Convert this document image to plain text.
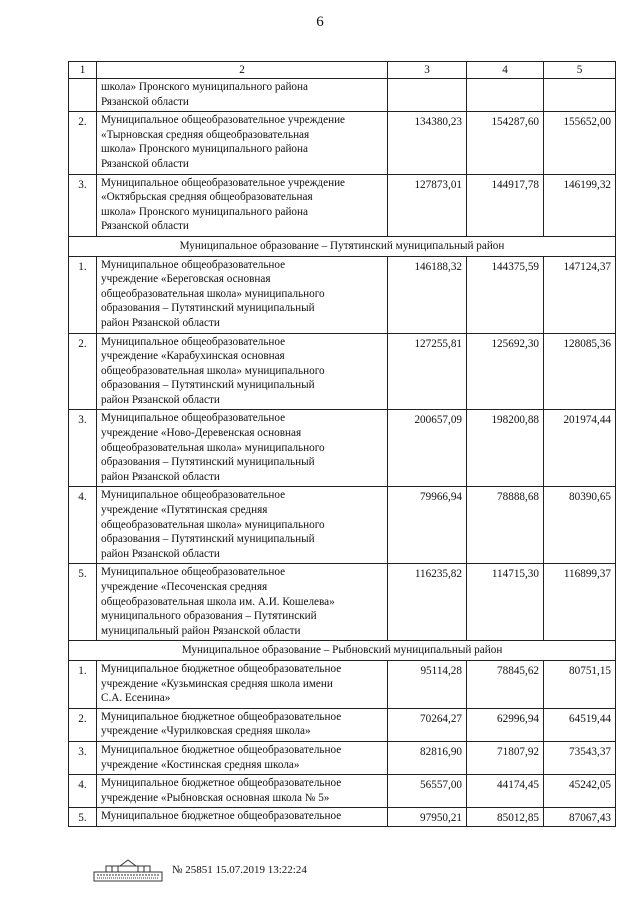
6
1	2	3	4	5
	школа» Пронского муниципального района
Рязанской области			
2.	Муниципальное общеобразовательное учреждение
«Тырновская средняя общеобразовательная
школа» Пронского муниципального района
Рязанской области	134380,23	154287,60	155652,00
3.	Муниципальное общеобразовательное учреждение
«Октябрьская средняя общеобразовательная
школа» Пронского муниципального района
Рязанской области	127873,01	144917,78	146199,32
Муниципальное образование – Путятинский муниципальный район				
1.	Муниципальное общеобразовательное
учреждение «Береговская основная
общеобразовательная школа» муниципального
образования – Путятинский муниципальный
район Рязанской области	146188,32	144375,59	147124,37
2.	Муниципальное общеобразовательное
учреждение «Карабухинская основная
общеобразовательная школа» муниципального
образования – Путятинский муниципальный
район Рязанской области	127255,81	125692,30	128085,36
3.	Муниципальное общеобразовательное
учреждение «Ново-Деревенская основная
общеобразовательная школа» муниципального
образования – Путятинский муниципальный
район Рязанской области	200657,09	198200,88	201974,44
4.	Муниципальное общеобразовательное
учреждение «Путятинская средняя
общеобразовательная школа» муниципального
образования – Путятинский муниципальный
район Рязанской области	79966,94	78888,68	80390,65
5.	Муниципальное общеобразовательное
учреждение «Песоченская средняя
общеобразовательная школа им. А.И. Кошелева»
муниципального образования – Путятинский
муниципальный район Рязанской области	116235,82	114715,30	116899,37
Муниципальное образование – Рыбновский муниципальный район				
1.	Муниципальное бюджетное общеобразовательное
учреждение «Кузьминская средняя школа имени
С.А. Есенина»	95114,28	78845,62	80751,15
2.	Муниципальное бюджетное общеобразовательное
учреждение «Чурилковская средняя школа»	70264,27	62996,94	64519,44
3.	Муниципальное бюджетное общеобразовательное
учреждение «Костинская средняя школа»	82816,90	71807,92	73543,37
4.	Муниципальное бюджетное общеобразовательное
учреждение «Рыбновская основная школа № 5»	56557,00	44174,45	45242,05
5.	Муниципальное бюджетное общеобразовательное	97950,21	85012,85	87067,43
№ 25851 15.07.2019 13:22:24
